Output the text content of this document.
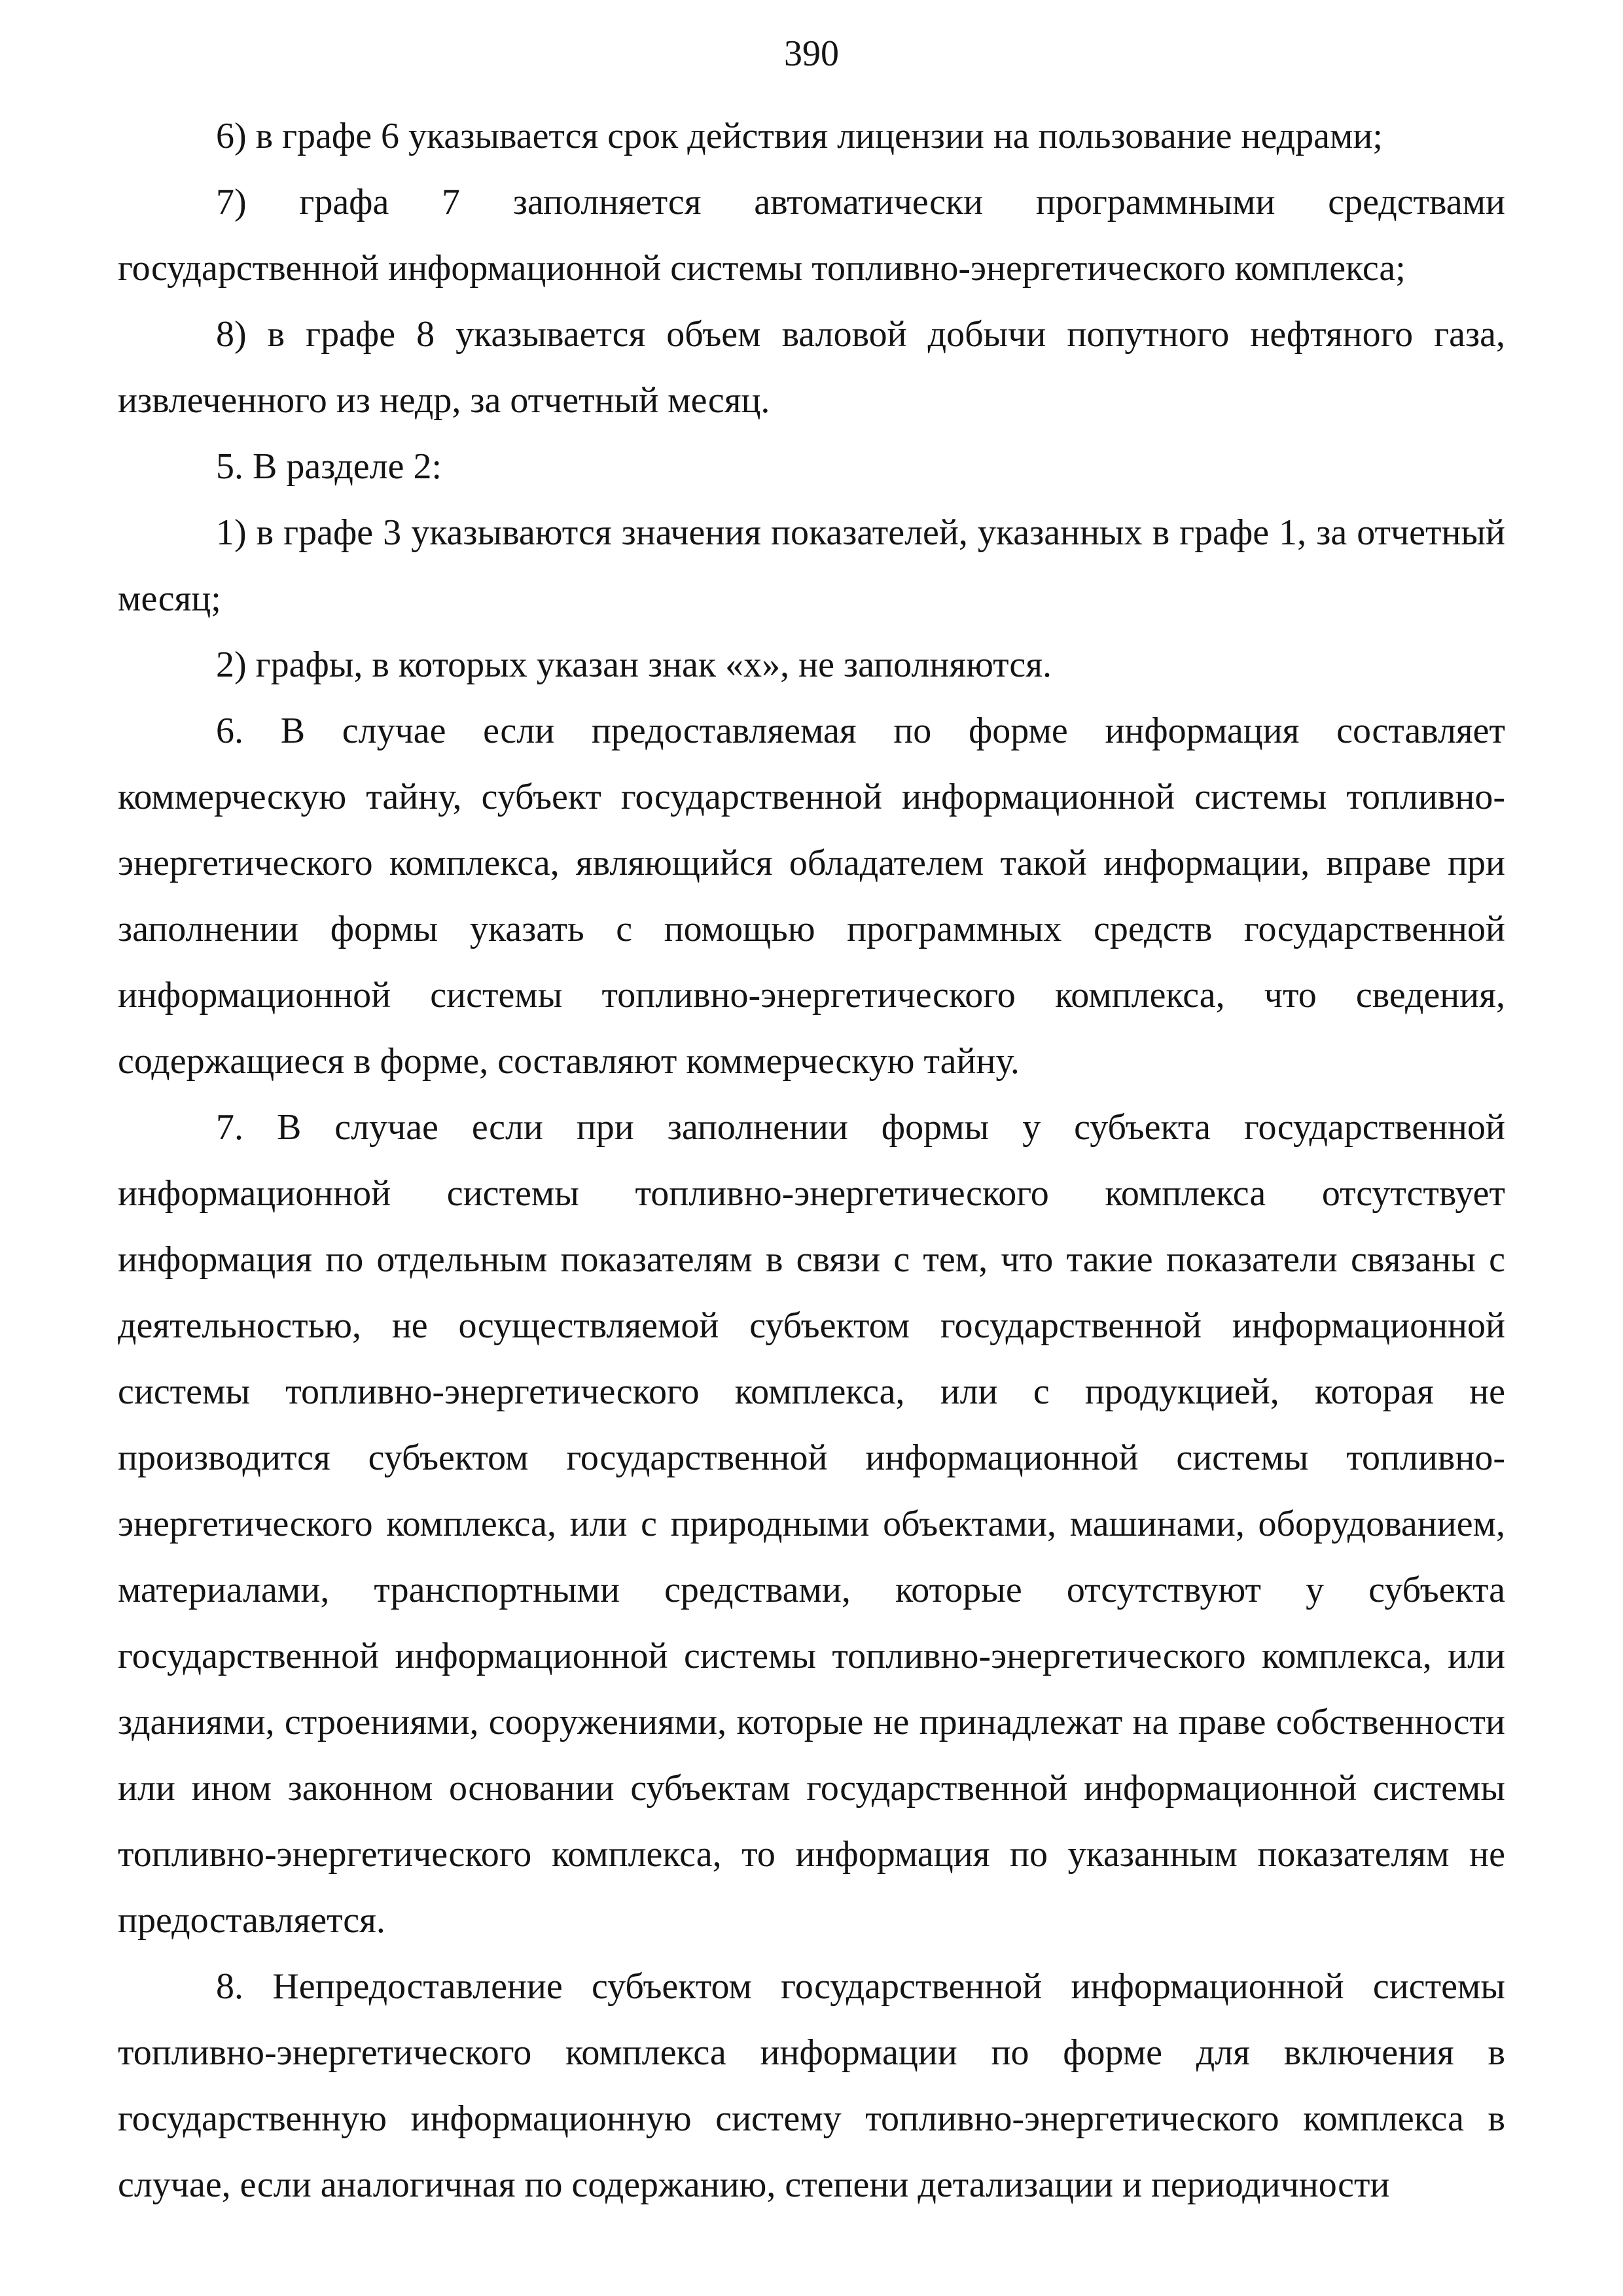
390

6) в графе 6 указывается срок действия лицензии на пользование недрами;

7) графа 7 заполняется автоматически программными средствами государственной информационной системы топливно-энергетического комплекса;

8) в графе 8 указывается объем валовой добычи попутного нефтяного газа, извлеченного из недр, за отчетный месяц.

5. В разделе 2:

1) в графе 3 указываются значения показателей, указанных в графе 1, за отчетный месяц;

2) графы, в которых указан знак «х», не заполняются.

6. В случае если предоставляемая по форме информация составляет коммерческую тайну, субъект государственной информационной системы топливно-энергетического комплекса, являющийся обладателем такой информации, вправе при заполнении формы указать с помощью программных средств государственной информационной системы топливно-энергетического комплекса, что сведения, содержащиеся в форме, составляют коммерческую тайну.

7. В случае если при заполнении формы у субъекта государственной информационной системы топливно-энергетического комплекса отсутствует информация по отдельным показателям в связи с тем, что такие показатели связаны с деятельностью, не осуществляемой субъектом государственной информационной системы топливно-энергетического комплекса, или с продукцией, которая не производится субъектом государственной информационной системы топливно-энергетического комплекса, или с природными объектами, машинами, оборудованием, материалами, транспортными средствами, которые отсутствуют у субъекта государственной информационной системы топливно-энергетического комплекса, или зданиями, строениями, сооружениями, которые не принадлежат на праве собственности или ином законном основании субъектам государственной информационной системы топливно-энергетического комплекса, то информация по указанным показателям не предоставляется.

8. Непредоставление субъектом государственной информационной системы топливно-энергетического комплекса информации по форме для включения в государственную информационную систему топливно-энергетического комплекса в случае, если аналогичная по содержанию, степени детализации и периодичности
